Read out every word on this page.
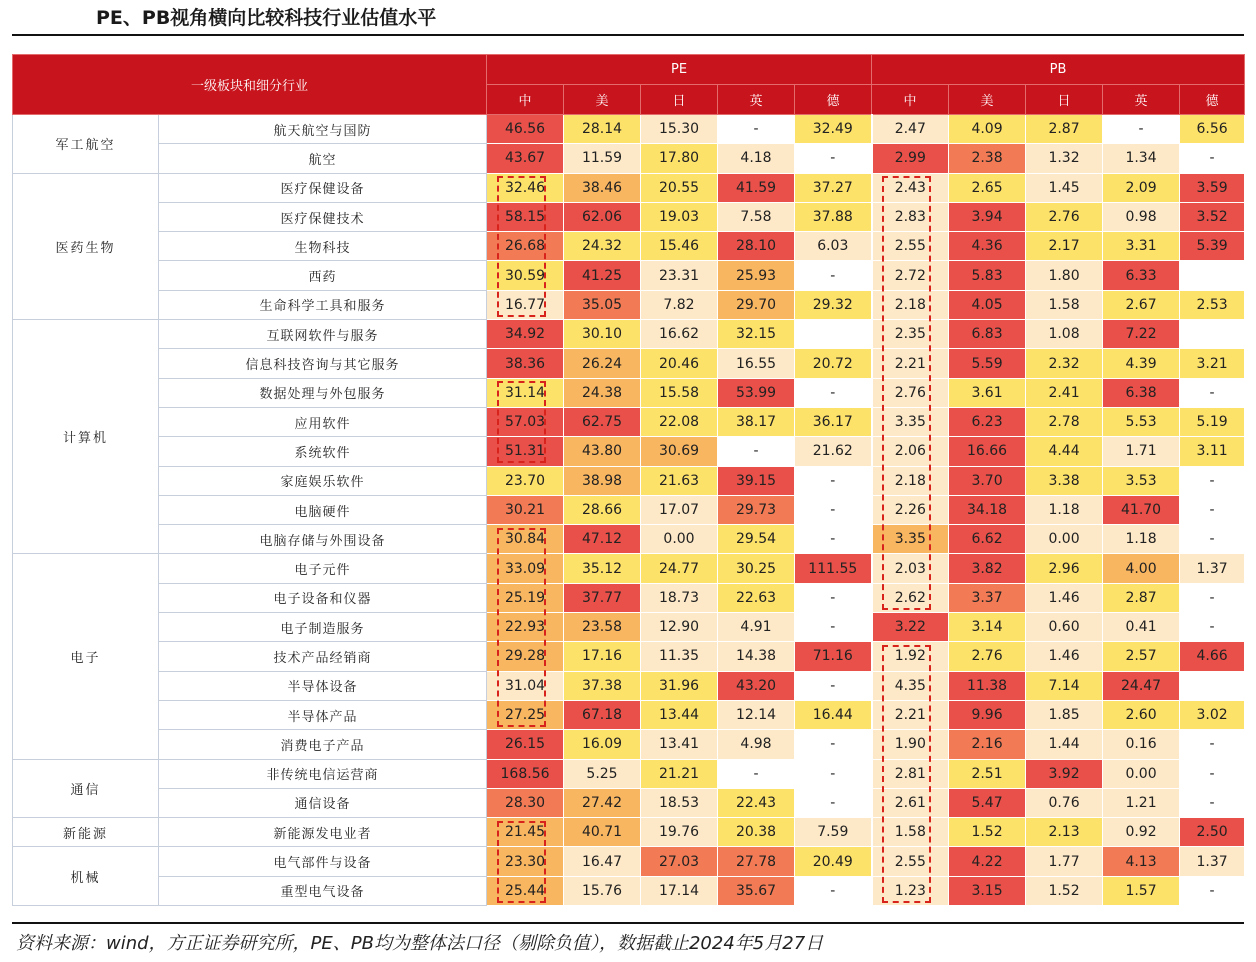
PE、PB视角横向比较科技行业估值水平
一级板块和细分行业		PE					PB				
		中	美	日	英	德	中	美	日	英	德
军工航空	航天航空与国防	46.56	28.14	15.30	-	32.49	2.47	4.09	2.87	-	6.56
	航空	43.67	11.59	17.80	4.18	-	2.99	2.38	1.32	1.34	-
医药生物	医疗保健设备	32.46	38.46	20.55	41.59	37.27	2.43	2.65	1.45	2.09	3.59
	医疗保健技术	58.15	62.06	19.03	7.58	37.88	2.83	3.94	2.76	0.98	3.52
	生物科技	26.68	24.32	15.46	28.10	6.03	2.55	4.36	2.17	3.31	5.39
	西药	30.59	41.25	23.31	25.93	-	2.72	5.83	1.80	6.33	
	生命科学工具和服务	16.77	35.05	7.82	29.70	29.32	2.18	4.05	1.58	2.67	2.53
计算机	互联网软件与服务	34.92	30.10	16.62	32.15		2.35	6.83	1.08	7.22	
	信息科技咨询与其它服务	38.36	26.24	20.46	16.55	20.72	2.21	5.59	2.32	4.39	3.21
	数据处理与外包服务	31.14	24.38	15.58	53.99	-	2.76	3.61	2.41	6.38	-
	应用软件	57.03	62.75	22.08	38.17	36.17	3.35	6.23	2.78	5.53	5.19
	系统软件	51.31	43.80	30.69	-	21.62	2.06	16.66	4.44	1.71	3.11
	家庭娱乐软件	23.70	38.98	21.63	39.15	-	2.18	3.70	3.38	3.53	-
	电脑硬件	30.21	28.66	17.07	29.73	-	2.26	34.18	1.18	41.70	-
	电脑存储与外围设备	30.84	47.12	0.00	29.54	-	3.35	6.62	0.00	1.18	-
电子	电子元件	33.09	35.12	24.77	30.25	111.55	2.03	3.82	2.96	4.00	1.37
	电子设备和仪器	25.19	37.77	18.73	22.63	-	2.62	3.37	1.46	2.87	-
	电子制造服务	22.93	23.58	12.90	4.91	-	3.22	3.14	0.60	0.41	-
	技术产品经销商	29.28	17.16	11.35	14.38	71.16	1.92	2.76	1.46	2.57	4.66
	半导体设备	31.04	37.38	31.96	43.20	-	4.35	11.38	7.14	24.47	
	半导体产品	27.25	67.18	13.44	12.14	16.44	2.21	9.96	1.85	2.60	3.02
	消费电子产品	26.15	16.09	13.41	4.98	-	1.90	2.16	1.44	0.16	-
通信	非传统电信运营商	168.56	5.25	21.21	-	-	2.81	2.51	3.92	0.00	-
	通信设备	28.30	27.42	18.53	22.43	-	2.61	5.47	0.76	1.21	-
新能源	新能源发电业者	21.45	40.71	19.76	20.38	7.59	1.58	1.52	2.13	0.92	2.50
机械	电气部件与设备	23.30	16.47	27.03	27.78	20.49	2.55	4.22	1.77	4.13	1.37
	重型电气设备	25.44	15.76	17.14	35.67	-	1.23	3.15	1.52	1.57	-
资料来源：wind，方正证券研究所，PE、PB均为整体法口径（剔除负值），数据截止2024年5月27日
